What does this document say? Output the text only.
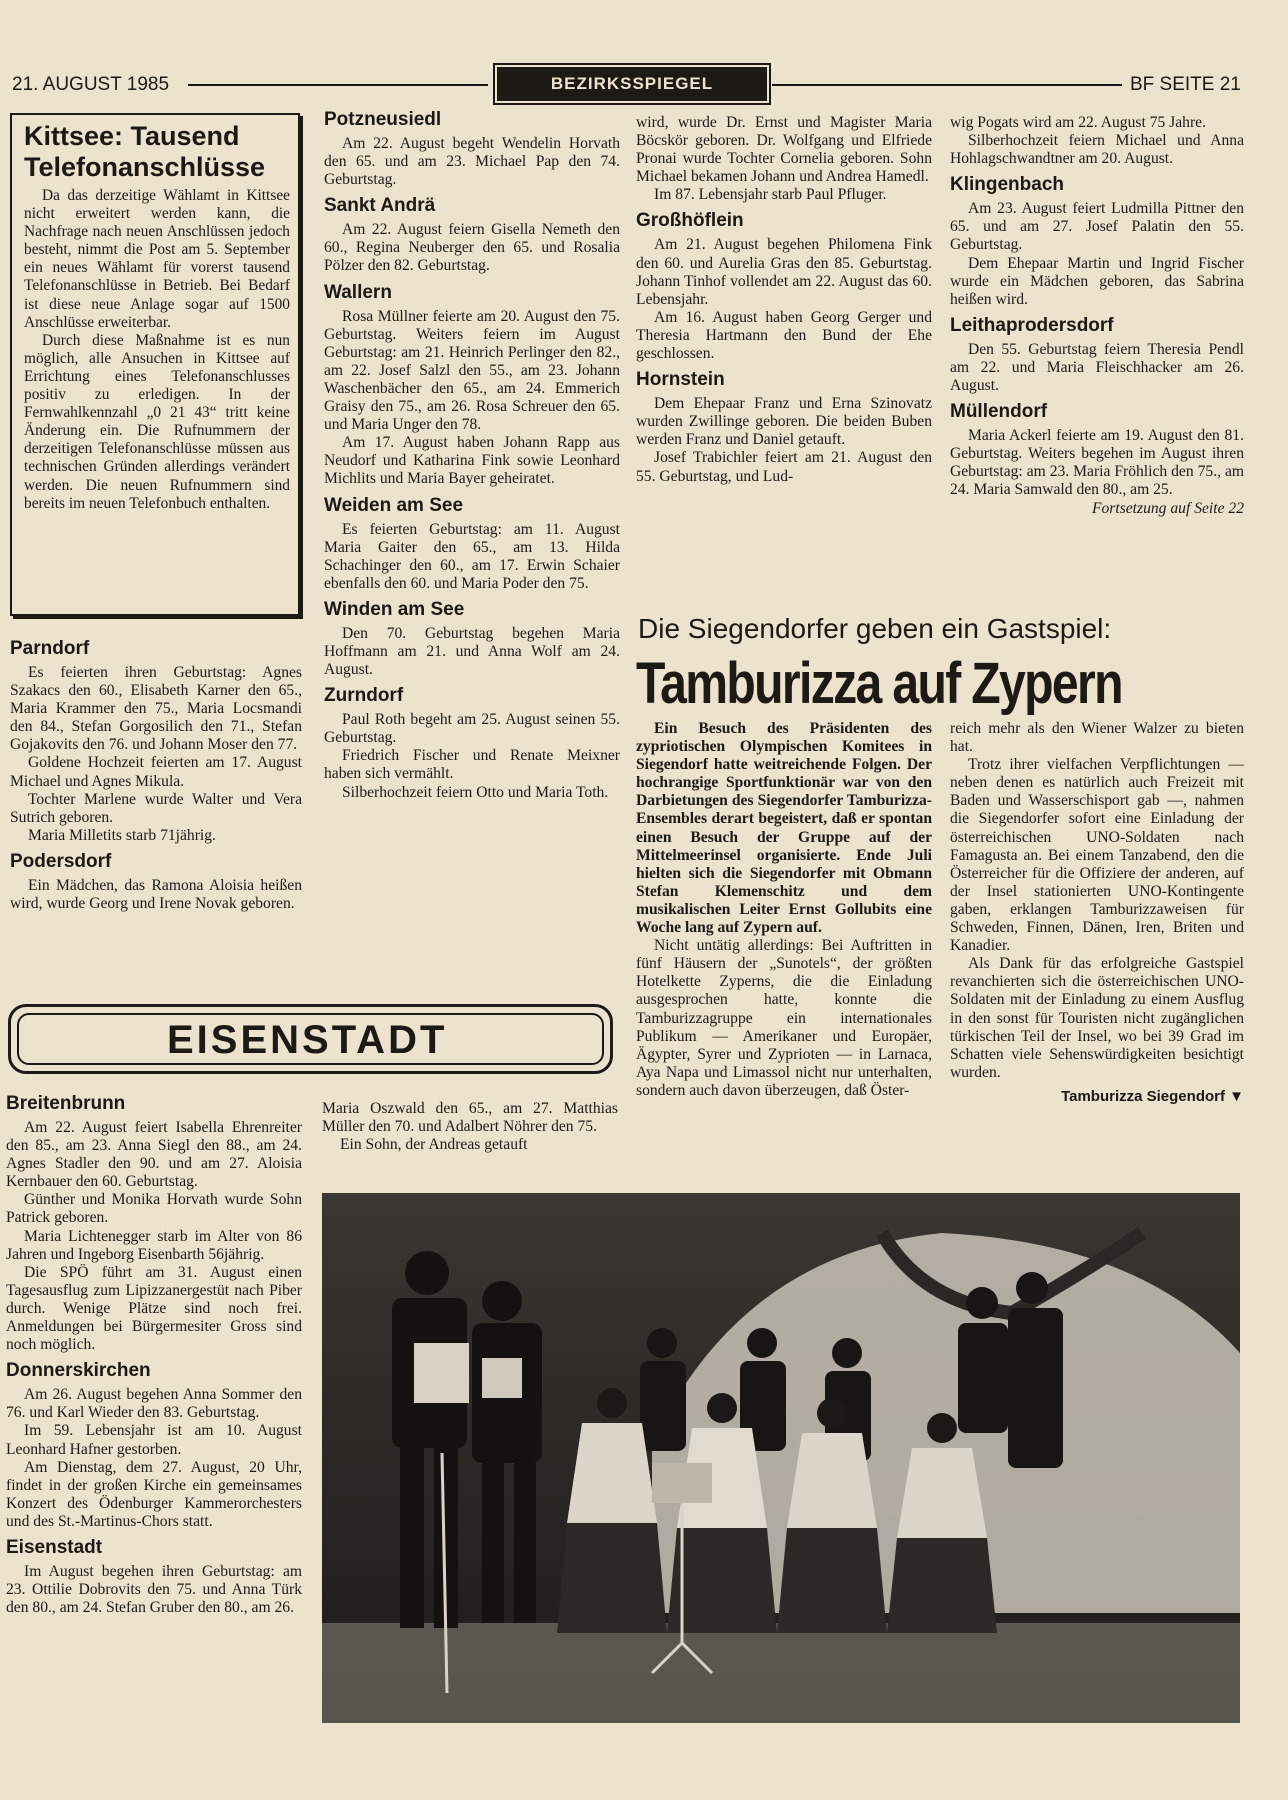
21. AUGUST 1985	BEZIRKSSPIEGEL	BF SEITE 21
Kittsee: Tausend Telefonanschlüsse

Da das derzeitige Wählamt in Kittsee nicht erweitert werden kann, die Nachfrage nach neuen Anschlüssen jedoch besteht, nimmt die Post am 5. September ein neues Wählamt für vorerst tausend Telefonanschlüsse in Betrieb. Bei Bedarf ist diese neue Anlage sogar auf 1500 Anschlüsse erweiterbar.

Durch diese Maßnahme ist es nun möglich, alle Ansuchen in Kittsee auf Errichtung eines Telefonanschlusses positiv zu erledigen. In der Fernwahlkennzahl „0 21 43“ tritt keine Änderung ein. Die Rufnummern der derzeitigen Telefonanschlüsse müssen aus technischen Gründen allerdings verändert werden. Die neuen Rufnummern sind bereits im neuen Telefonbuch enthalten.

Parndorf

Es feierten ihren Geburtstag: Agnes Szakacs den 60., Elisabeth Karner den 65., Maria Krammer den 75., Maria Locsmandi den 84., Stefan Gorgosilich den 71., Stefan Gojakovits den 76. und Johann Moser den 77.

Goldene Hochzeit feierten am 17. August Michael und Agnes Mikula.

Tochter Marlene wurde Walter und Vera Sutrich geboren.

Maria Milletits starb 71jährig.

Podersdorf

Ein Mädchen, das Ramona Aloisia heißen wird, wurde Georg und Irene Novak geboren.

Potzneusiedl

Am 22. August begeht Wendelin Horvath den 65. und am 23. Michael Pap den 74. Geburtstag.

Sankt Andrä

Am 22. August feiern Gisella Nemeth den 60., Regina Neuberger den 65. und Rosalia Pölzer den 82. Geburtstag.

Wallern

Rosa Müllner feierte am 20. August den 75. Geburtstag. Weiters feiern im August Geburtstag: am 21. Heinrich Perlinger den 82., am 22. Josef Salzl den 55., am 23. Johann Waschenbächer den 65., am 24. Emmerich Graisy den 75., am 26. Rosa Schreuer den 65. und Maria Unger den 78.

Am 17. August haben Johann Rapp aus Neudorf und Katharina Fink sowie Leonhard Michlits und Maria Bayer geheiratet.

Weiden am See

Es feierten Geburtstag: am 11. August Maria Gaiter den 65., am 13. Hilda Schachinger den 60., am 17. Erwin Schaier ebenfalls den 60. und Maria Poder den 75.

Winden am See

Den 70. Geburtstag begehen Maria Hoffmann am 21. und Anna Wolf am 24. August.

Zurndorf

Paul Roth begeht am 25. August seinen 55. Geburtstag.

Friedrich Fischer und Renate Meixner haben sich vermählt.

Silberhochzeit feiern Otto und Maria Toth.

wird, wurde Dr. Ernst und Magister Maria Böcskör geboren. Dr. Wolfgang und Elfriede Pronai wurde Tochter Cornelia geboren. Sohn Michael bekamen Johann und Andrea Hamedl.

Im 87. Lebensjahr starb Paul Pfluger.

Großhöflein

Am 21. August begehen Philomena Fink den 60. und Aurelia Gras den 85. Geburtstag. Johann Tinhof vollendet am 22. August das 60. Lebensjahr.

Am 16. August haben Georg Gerger und Theresia Hartmann den Bund der Ehe geschlossen.

Hornstein

Dem Ehepaar Franz und Erna Szinovatz wurden Zwillinge geboren. Die beiden Buben werden Franz und Daniel getauft.

Josef Trabichler feiert am 21. August den 55. Geburtstag, und Lud-

wig Pogats wird am 22. August 75 Jahre.

Silberhochzeit feiern Michael und Anna Hohlagschwandtner am 20. August.

Klingenbach

Am 23. August feiert Ludmilla Pittner den 65. und am 27. Josef Palatin den 55. Geburtstag.

Dem Ehepaar Martin und Ingrid Fischer wurde ein Mädchen geboren, das Sabrina heißen wird.

Leithaprodersdorf

Den 55. Geburtstag feiern Theresia Pendl am 22. und Maria Fleischhacker am 26. August.

Müllendorf

Maria Ackerl feierte am 19. August den 81. Geburtstag. Weiters begehen im August ihren Geburtstag: am 23. Maria Fröhlich den 75., am 24. Maria Samwald den 80., am 25.

Fortsetzung auf Seite 22

Die Siegendorfer geben ein Gastspiel:
Tamburizza auf Zypern

Ein Besuch des Präsidenten des zypriotischen Olympischen Komitees in Siegendorf hatte weitreichende Folgen. Der hochrangige Sportfunktionär war von den Darbietungen des Siegendorfer Tamburizza-Ensembles derart begeistert, daß er spontan einen Besuch der Gruppe auf der Mittelmeerinsel organisierte. Ende Juli hielten sich die Siegendorfer mit Obmann Stefan Klemenschitz und dem musikalischen Leiter Ernst Gollubits eine Woche lang auf Zypern auf.

Nicht untätig allerdings: Bei Auftritten in fünf Häusern der „Sunotels“, der größten Hotelkette Zyperns, die die Einladung ausgesprochen hatte, konnte die Tamburizzagruppe ein internationales Publikum — Amerikaner und Europäer, Ägypter, Syrer und Zyprioten — in Larnaca, Aya Napa und Limassol nicht nur unterhalten, sondern auch davon überzeugen, daß Öster-

reich mehr als den Wiener Walzer zu bieten hat.

Trotz ihrer vielfachen Verpflichtungen — neben denen es natürlich auch Freizeit mit Baden und Wasserschisport gab —, nahmen die Siegendorfer sofort eine Einladung der österreichischen UNO-Soldaten nach Famagusta an. Bei einem Tanzabend, den die Österreicher für die Offiziere der anderen, auf der Insel stationierten UNO-Kontingente gaben, erklangen Tamburizzaweisen für Schweden, Finnen, Dänen, Iren, Briten und Kanadier.

Als Dank für das erfolgreiche Gastspiel revanchierten sich die österreichischen UNO-Soldaten mit der Einladung zu einem Ausflug in den sonst für Touristen nicht zugänglichen türkischen Teil der Insel, wo bei 39 Grad im Schatten viele Sehenswürdigkeiten besichtigt wurden.

Tamburizza Siegendorf ▼

EISENSTADT
Breitenbrunn

Am 22. August feiert Isabella Ehrenreiter den 85., am 23. Anna Siegl den 88., am 24. Agnes Stadler den 90. und am 27. Aloisia Kernbauer den 60. Geburtstag.

Günther und Monika Horvath wurde Sohn Patrick geboren.

Maria Lichtenegger starb im Alter von 86 Jahren und Ingeborg Eisenbarth 56jährig.

Die SPÖ führt am 31. August einen Tagesausflug zum Lipizzanergestüt nach Piber durch. Wenige Plätze sind noch frei. Anmeldungen bei Bürgermesiter Gross sind noch möglich.

Donnerskirchen

Am 26. August begehen Anna Sommer den 76. und Karl Wieder den 83. Geburtstag.

Im 59. Lebensjahr ist am 10. August Leonhard Hafner gestorben.

Am Dienstag, dem 27. August, 20 Uhr, findet in der großen Kirche ein gemeinsames Konzert des Ödenburger Kammerorchesters und des St.-Martinus-Chors statt.

Eisenstadt

Im August begehen ihren Geburtstag: am 23. Ottilie Dobrovits den 75. und Anna Türk den 80., am 24. Stefan Gruber den 80., am 26.

Maria Oszwald den 65., am 27. Matthias Müller den 70. und Adalbert Nöhrer den 75.

Ein Sohn, der Andreas getauft
